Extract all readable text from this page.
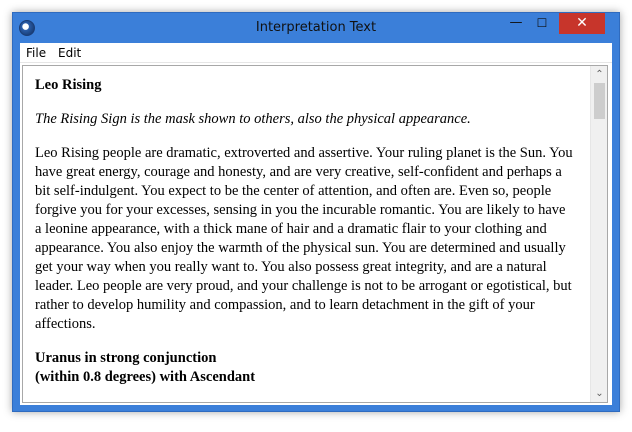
Interpretation Text	—	☐	✕
File Edit
Leo Rising
The Rising Sign is the mask shown to others, also the physical appearance.
Leo Rising people are dramatic, extroverted and assertive. Your ruling planet is the Sun. You have great energy, courage and honesty, and are very creative, self-confident and perhaps a bit self-indulgent. You expect to be the center of attention, and often are. Even so, people forgive you for your excesses, sensing in you the incurable romantic. You are likely to have a leonine appearance, with a thick mane of hair and a dramatic flair to your clothing and appearance. You also enjoy the warmth of the physical sun. You are determined and usually get your way when you really want to. You also possess great integrity, and are a natural leader. Leo people are very proud, and your challenge is not to be arrogant or egotistical, but rather to develop humility and compassion, and to learn detachment in the gift of your affections.
Uranus in strong conjunction
(within 0.8 degrees) with Ascendant
⌃
⌄
